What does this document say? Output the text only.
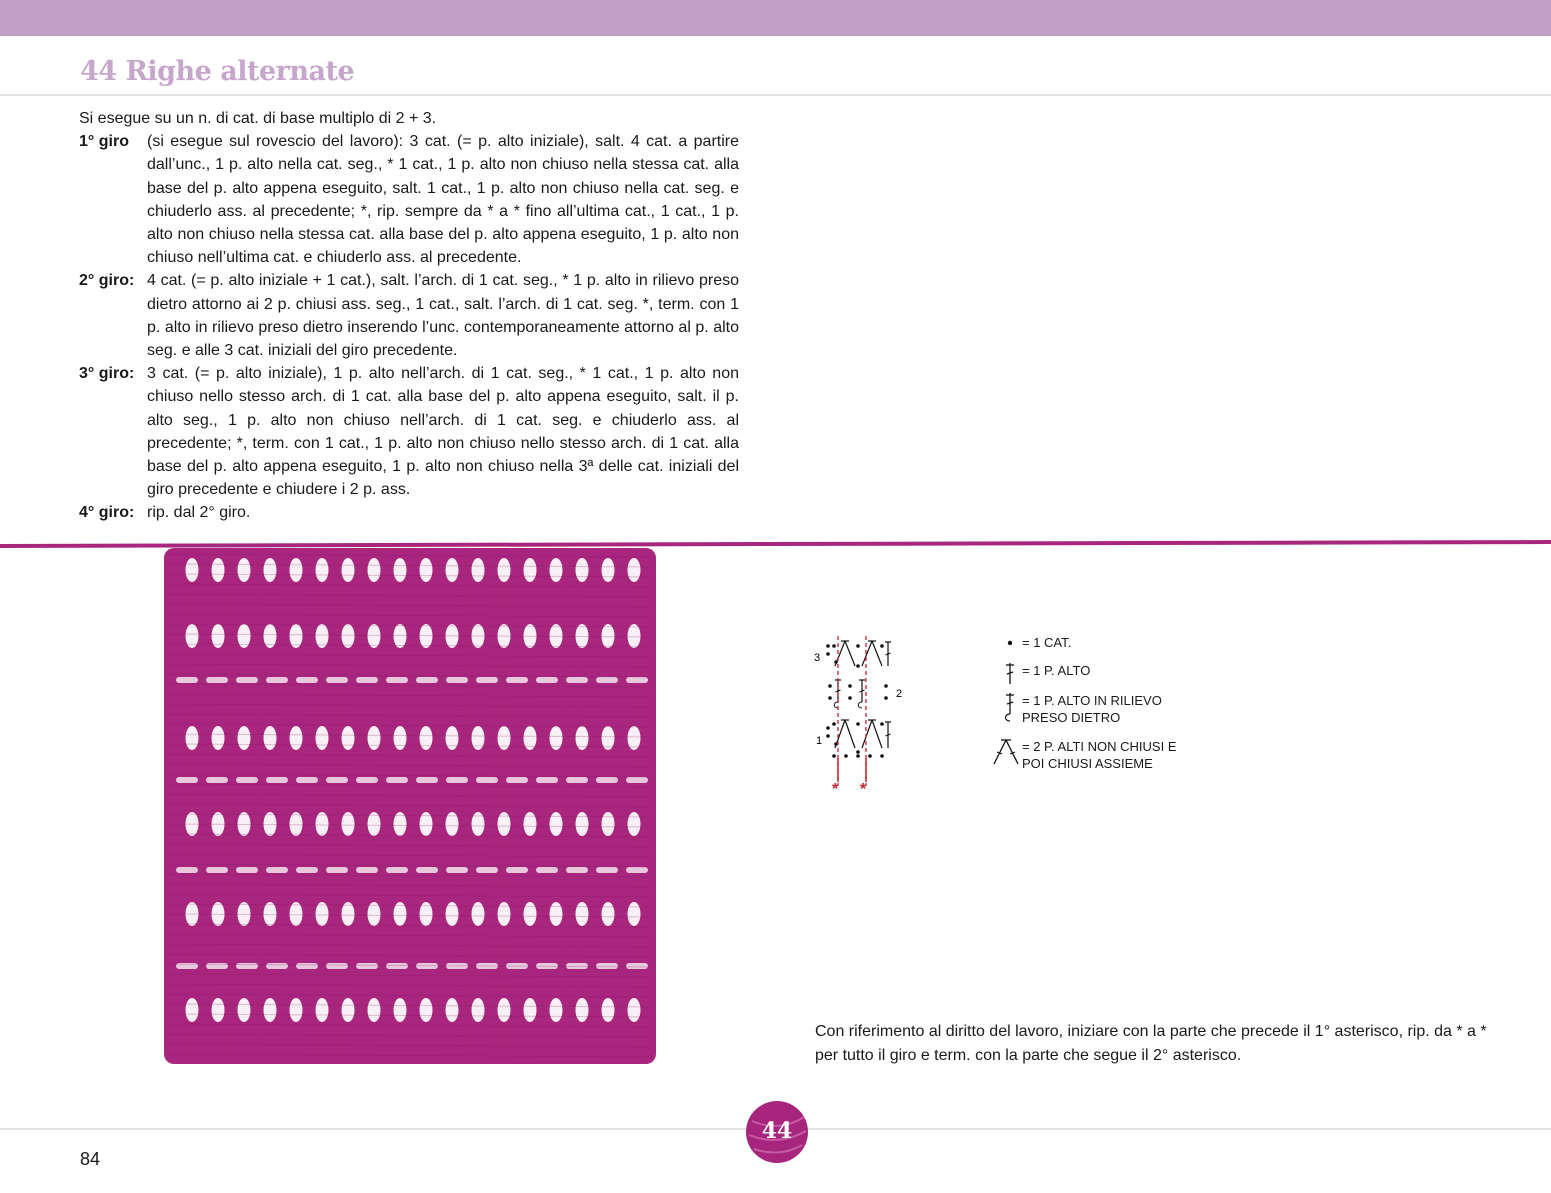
44 Righe alternate

Si esegue su un n. di cat. di base multiplo di 2 + 3.

1° giro	(si esegue sul rovescio del lavoro): 3 cat. (= p. alto iniziale), salt. 4 cat. a partire dall’unc., 1 p. alto nella cat. seg., * 1 cat., 1 p. alto non chiuso nella stessa cat. alla base del p. alto appena eseguito, salt. 1 cat., 1 p. alto non chiuso nella cat. seg. e chiuderlo ass. al precedente; *, rip. sempre da * a * fino all’ultima cat., 1 cat., 1 p. alto non chiuso nella stessa cat. alla base del p. alto appena eseguito, 1 p. alto non chiuso nell’ultima cat. e chiuderlo ass. al precedente.
2° giro: 4 cat. (= p. alto iniziale + 1 cat.), salt. l’arch. di 1 cat. seg., * 1 p. alto in rilievo preso dietro attorno ai 2 p. chiusi ass. seg., 1 cat., salt. l’arch. di 1 cat. seg. *, term. con 1 p. alto in rilievo preso dietro inserendo l’unc. contemporaneamente attorno al p. alto seg. e alle 3 cat. iniziali del giro precedente.
3° giro: 3 cat. (= p. alto iniziale), 1 p. alto nell’arch. di 1 cat. seg., * 1 cat., 1 p. alto non chiuso nello stesso arch. di 1 cat. alla base del p. alto appena eseguito, salt. il p. alto seg., 1 p. alto non chiuso nell’arch. di 1 cat. seg. e chiuderlo ass. al precedente; *, term. con 1 cat., 1 p. alto non chiuso nello stesso arch. di 1 cat. alla base del p. alto appena eseguito, 1 p. alto non chiuso nella 3ª delle cat. iniziali del giro precedente e chiudere i 2 p. ass.
4° giro: rip. dal 2° giro.
3
2
1
* *
= 1 CAT.
= 1 P. ALTO
= 1 P. ALTO IN RILIEVO
PRESO DIETRO
= 2 P. ALTI NON CHIUSI E
POI CHIUSI ASSIEME

Con riferimento al diritto del lavoro, iniziare con la parte che precede il 1° asterisco, rip. da * a * per tutto il giro e term. con la parte che segue il 2° asterisco.

44
84
